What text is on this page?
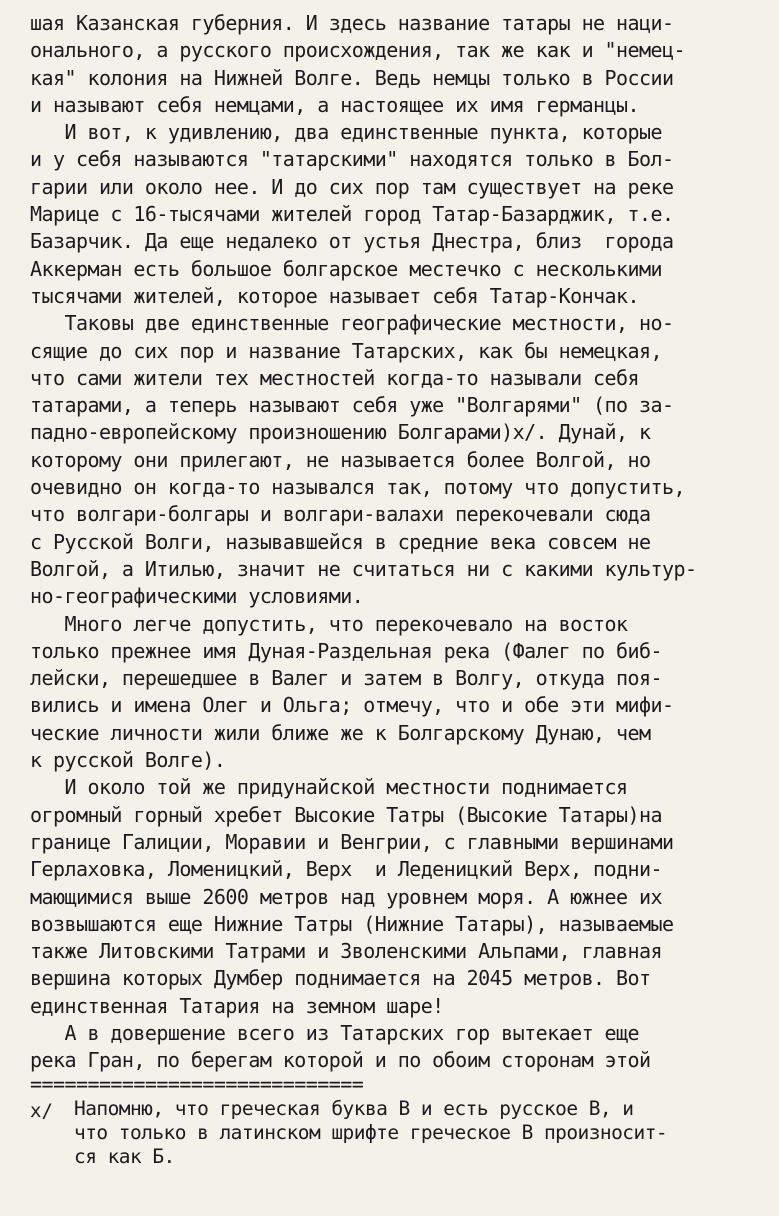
шая Казанская губерния. И здесь название татары не наци-
онального, а русского происхождения, так же как и "немец-
кая" колония на Нижней Волге. Ведь немцы только в России
и называют себя немцами, а настоящее их имя германцы.
И вот, к удивлению, два единственные пункта, которые
и у себя называются "татарскими" находятся только в Бол-
гарии или около нее. И до сих пор там существует на реке
Марице с 16-тысячами жителей город Татар-Базарджик, т.е.
Базарчик. Да еще недалеко от устья Днестра, близ  города
Аккерман есть большое болгарское местечко с несколькими
тысячами жителей, которое называет себя Татар-Кончак.
Таковы две единственные географические местности, но-
сящие до сих пор и название Татарских, как бы немецкая,
что сами жители тех местностей когда-то называли себя
татарами, а теперь называют себя уже "Волгарями" (по за-
падно-европейскому произношению Болгарами)x/. Дунай, к
которому они прилегают, не называется более Волгой, но
очевидно он когда-то назывался так, потому что допустить,
что волгари-болгары и волгари-валахи перекочевали сюда
с Русской Волги, называвшейся в средние века совсем не
Волгой, а Итилью, значит не считаться ни с какими культур-
но-географическими условиями.
Много легче допустить, что перекочевало на восток
только прежнее имя Дуная-Раздельная река (Фалег по биб-
лейски, перешедшее в Валег и затем в Волгу, откуда поя-
вились и имена Олег и Ольга; отмечу, что и обе эти мифи-
ческие личности жили ближе же к Болгарскому Дунаю, чем
к русской Волге).
И около той же придунайской местности поднимается
огромный горный хребет Высокие Татры (Высокие Татары)на
границе Галиции, Моравии и Венгрии, с главными вершинами
Герлаховка, Ломеницкий, Верх  и Леденицкий Верх, подни-
мающимися выше 2600 метров над уровнем моря. А южнее их
возвышаются еще Нижние Татры (Нижние Татары), называемые
также Литовскими Татрами и Зволенскими Альпами, главная
вершина которых Думбер поднимается на 2045 метров. Вот
единственная Татария на земном шаре!
А в довершение всего из Татарских гор вытекает еще
река Гран, по берегам которой и по обоим сторонам этой
=============================
x/	Напомню, что греческая буква В и есть русское В, и
что только в латинском шрифте греческое В произносит-
ся как Б.
